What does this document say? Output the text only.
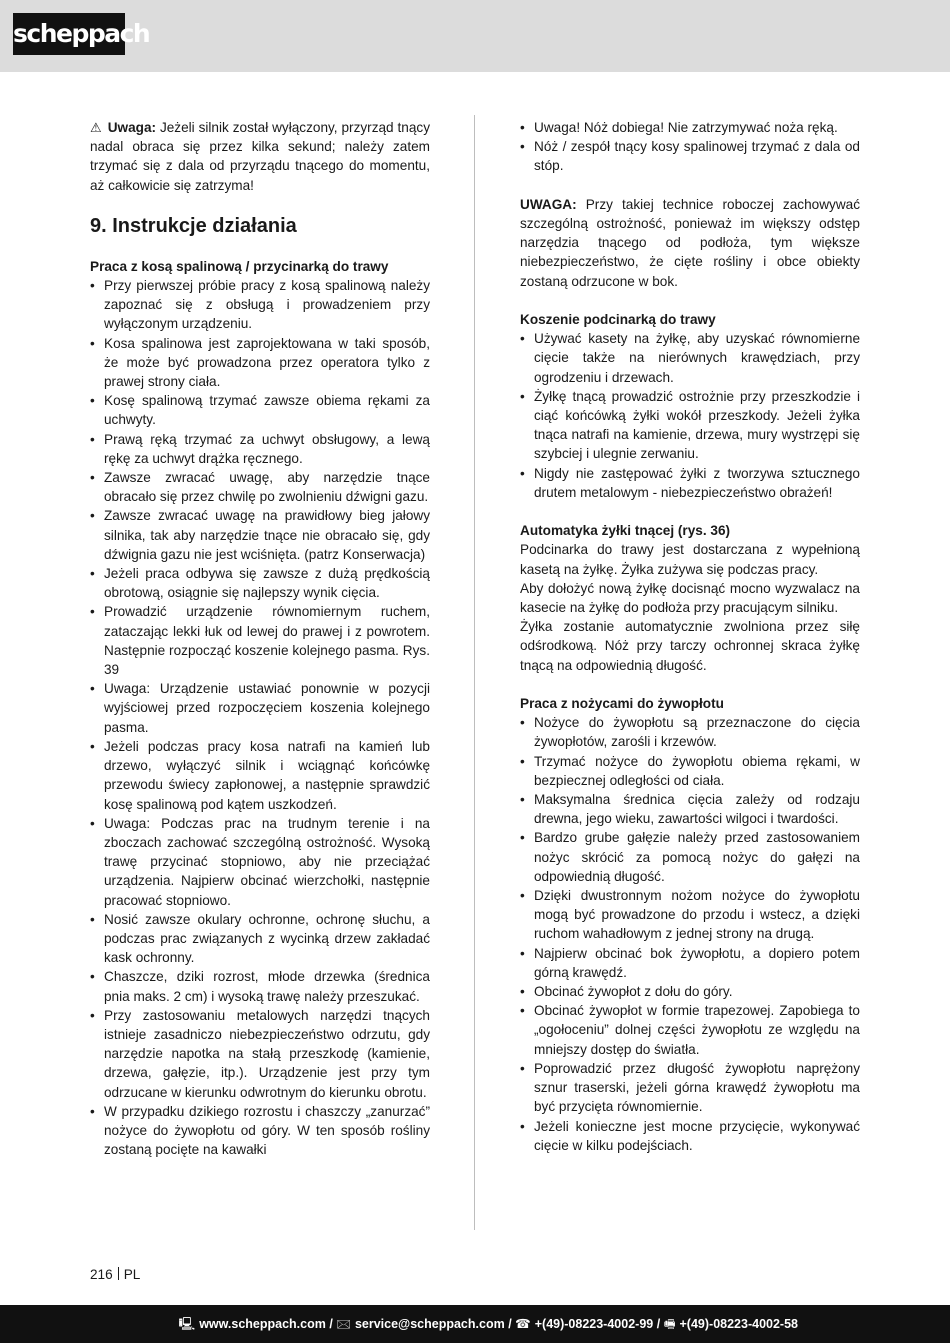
scheppach

⚠ Uwaga: Jeżeli silnik został wyłączony, przyrząd tnący nadal obraca się przez kilka sekund; należy zatem trzymać się z dala od przyrządu tnącego do momentu, aż całkowicie się zatrzyma!

9. Instrukcje działania

Praca z kosą spalinową / przycinarką do trawy

• Przy pierwszej próbie pracy z kosą spalinową należy zapoznać się z obsługą i prowadzeniem przy wyłączonym urządzeniu.
• Kosa spalinowa jest zaprojektowana w taki sposób, że może być prowadzona przez operatora tylko z prawej strony ciała.
• Kosę spalinową trzymać zawsze obiema rękami za uchwyty.
• Prawą ręką trzymać za uchwyt obsługowy, a lewą rękę za uchwyt drążka ręcznego.
• Zawsze zwracać uwagę, aby narzędzie tnące obracało się przez chwilę po zwolnieniu dźwigni gazu.
• Zawsze zwracać uwagę na prawidłowy bieg jałowy silnika, tak aby narzędzie tnące nie obracało się, gdy dźwignia gazu nie jest wciśnięta. (patrz Konserwacja)
• Jeżeli praca odbywa się zawsze z dużą prędkością obrotową, osiągnie się najlepszy wynik cięcia.
• Prowadzić urządzenie równomiernym ruchem, zataczając lekki łuk od lewej do prawej i z powrotem. Następnie rozpocząć koszenie kolejnego pasma. Rys. 39
• Uwaga: Urządzenie ustawiać ponownie w pozycji wyjściowej przed rozpoczęciem koszenia kolejnego pasma.
• Jeżeli podczas pracy kosa natrafi na kamień lub drzewo, wyłączyć silnik i wciągnąć końcówkę przewodu świecy zapłonowej, a następnie sprawdzić kosę spalinową pod kątem uszkodzeń.
• Uwaga: Podczas prac na trudnym terenie i na zboczach zachować szczególną ostrożność. Wysoką trawę przycinać stopniowo, aby nie przeciążać urządzenia. Najpierw obcinać wierzchołki, następnie pracować stopniowo.
• Nosić zawsze okulary ochronne, ochronę słuchu, a podczas prac związanych z wycinką drzew zakładać kask ochronny.
• Chaszcze, dziki rozrost, młode drzewka (średnica pnia maks. 2 cm) i wysoką trawę należy przeszukać.
• Przy zastosowaniu metalowych narzędzi tnących istnieje zasadniczo niebezpieczeństwo odrzutu, gdy narzędzie napotka na stałą przeszkodę (kamienie, drzewa, gałęzie, itp.). Urządzenie jest przy tym odrzucane w kierunku odwrotnym do kierunku obrotu.
• W przypadku dzikiego rozrostu i chaszczy „zanurzać” nożyce do żywopłotu od góry. W ten sposób rośliny zostaną pocięte na kawałki
• Uwaga! Nóż dobiega! Nie zatrzymywać noża ręką.
• Nóż / zespół tnący kosy spalinowej trzymać z dala od stóp.

UWAGA: Przy takiej technice roboczej zachowywać szczególną ostrożność, ponieważ im większy odstęp narzędzia tnącego od podłoża, tym większe niebezpieczeństwo, że cięte rośliny i obce obiekty zostaną odrzucone w bok.

Koszenie podcinarką do trawy

• Używać kasety na żyłkę, aby uzyskać równomierne cięcie także na nierównych krawędziach, przy ogrodzeniu i drzewach.
• Żyłkę tnącą prowadzić ostrożnie przy przeszkodzie i ciąć końcówką żyłki wokół przeszkody. Jeżeli żyłka tnąca natrafi na kamienie, drzewa, mury wystrzępi się szybciej i ulegnie zerwaniu.
• Nigdy nie zastępować żyłki z tworzywa sztucznego drutem metalowym - niebezpieczeństwo obrażeń!

Automatyka żyłki tnącej (rys. 36)

Podcinarka do trawy jest dostarczana z wypełnioną kasetą na żyłkę. Żyłka zużywa się podczas pracy.

Aby dołożyć nową żyłkę docisnąć mocno wyzwalacz na kasecie na żyłkę do podłoża przy pracującym silniku.

Żyłka zostanie automatycznie zwolniona przez siłę odśrodkową. Nóż przy tarczy ochronnej skraca żyłkę tnącą na odpowiednią długość.

Praca z nożycami do żywopłotu

• Nożyce do żywopłotu są przeznaczone do cięcia żywopłotów, zarośli i krzewów.
• Trzymać nożyce do żywopłotu obiema rękami, w bezpiecznej odległości od ciała.
• Maksymalna średnica cięcia zależy od rodzaju drewna, jego wieku, zawartości wilgoci i twardości.
• Bardzo grube gałęzie należy przed zastosowaniem nożyc skrócić za pomocą nożyc do gałęzi na odpowiednią długość.
• Dzięki dwustronnym nożom nożyce do żywopłotu mogą być prowadzone do przodu i wstecz, a dzięki ruchom wahadłowym z jednej strony na drugą.
• Najpierw obcinać bok żywopłotu, a dopiero potem górną krawędź.
• Obcinać żywopłot z dołu do góry.
• Obcinać żywopłot w formie trapezowej. Zapobiega to „ogołoceniu” dolnej części żywopłotu ze względu na mniejszy dostęp do światła.
• Poprowadzić przez długość żywopłotu naprężony sznur traserski, jeżeli górna krawędź żywopłotu ma być przycięta równomiernie.
• Jeżeli konieczne jest mocne przycięcie, wykonywać cięcie w kilku podejściach.
216 PL
🖳 www.scheppach.com / 🖂 service@scheppach.com / ☎ +(49)-08223-4002-99 / 🖷 +(49)-08223-4002-58
